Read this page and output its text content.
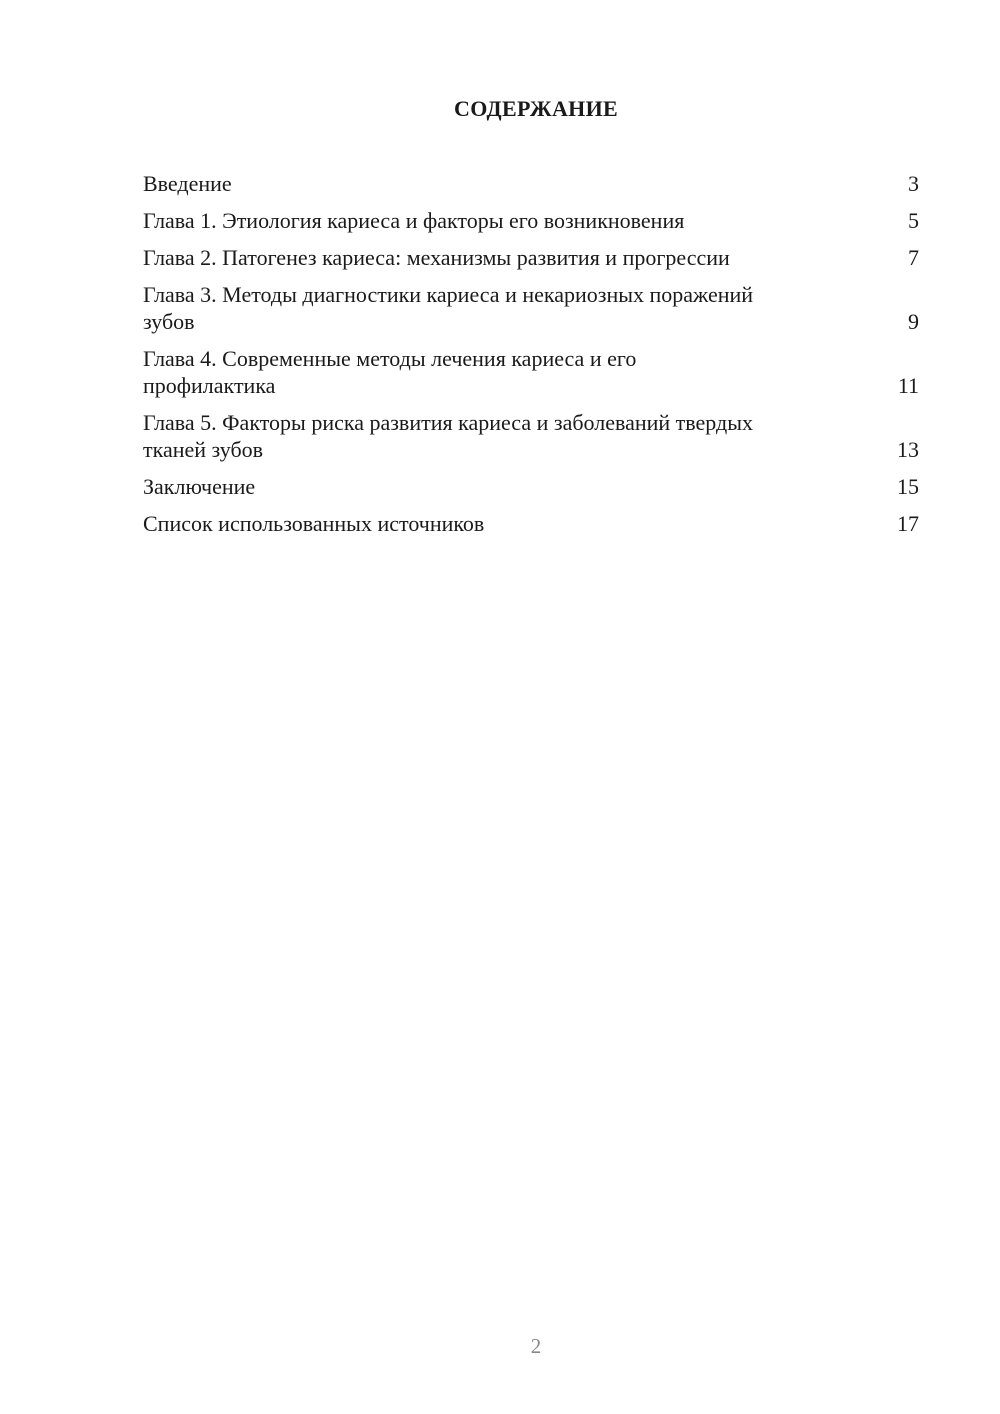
СОДЕРЖАНИЕ
Введение	3
Глава 1. Этиология кариеса и факторы его возникновения	5
Глава 2. Патогенез кариеса: механизмы развития и прогрессии	7
Глава 3. Методы диагностики кариеса и некариозных поражений зубов	9
Глава 4. Современные методы лечения кариеса и его профилактика	11
Глава 5. Факторы риска развития кариеса и заболеваний твердых тканей зубов	13
Заключение	15
Список использованных источников	17
2
